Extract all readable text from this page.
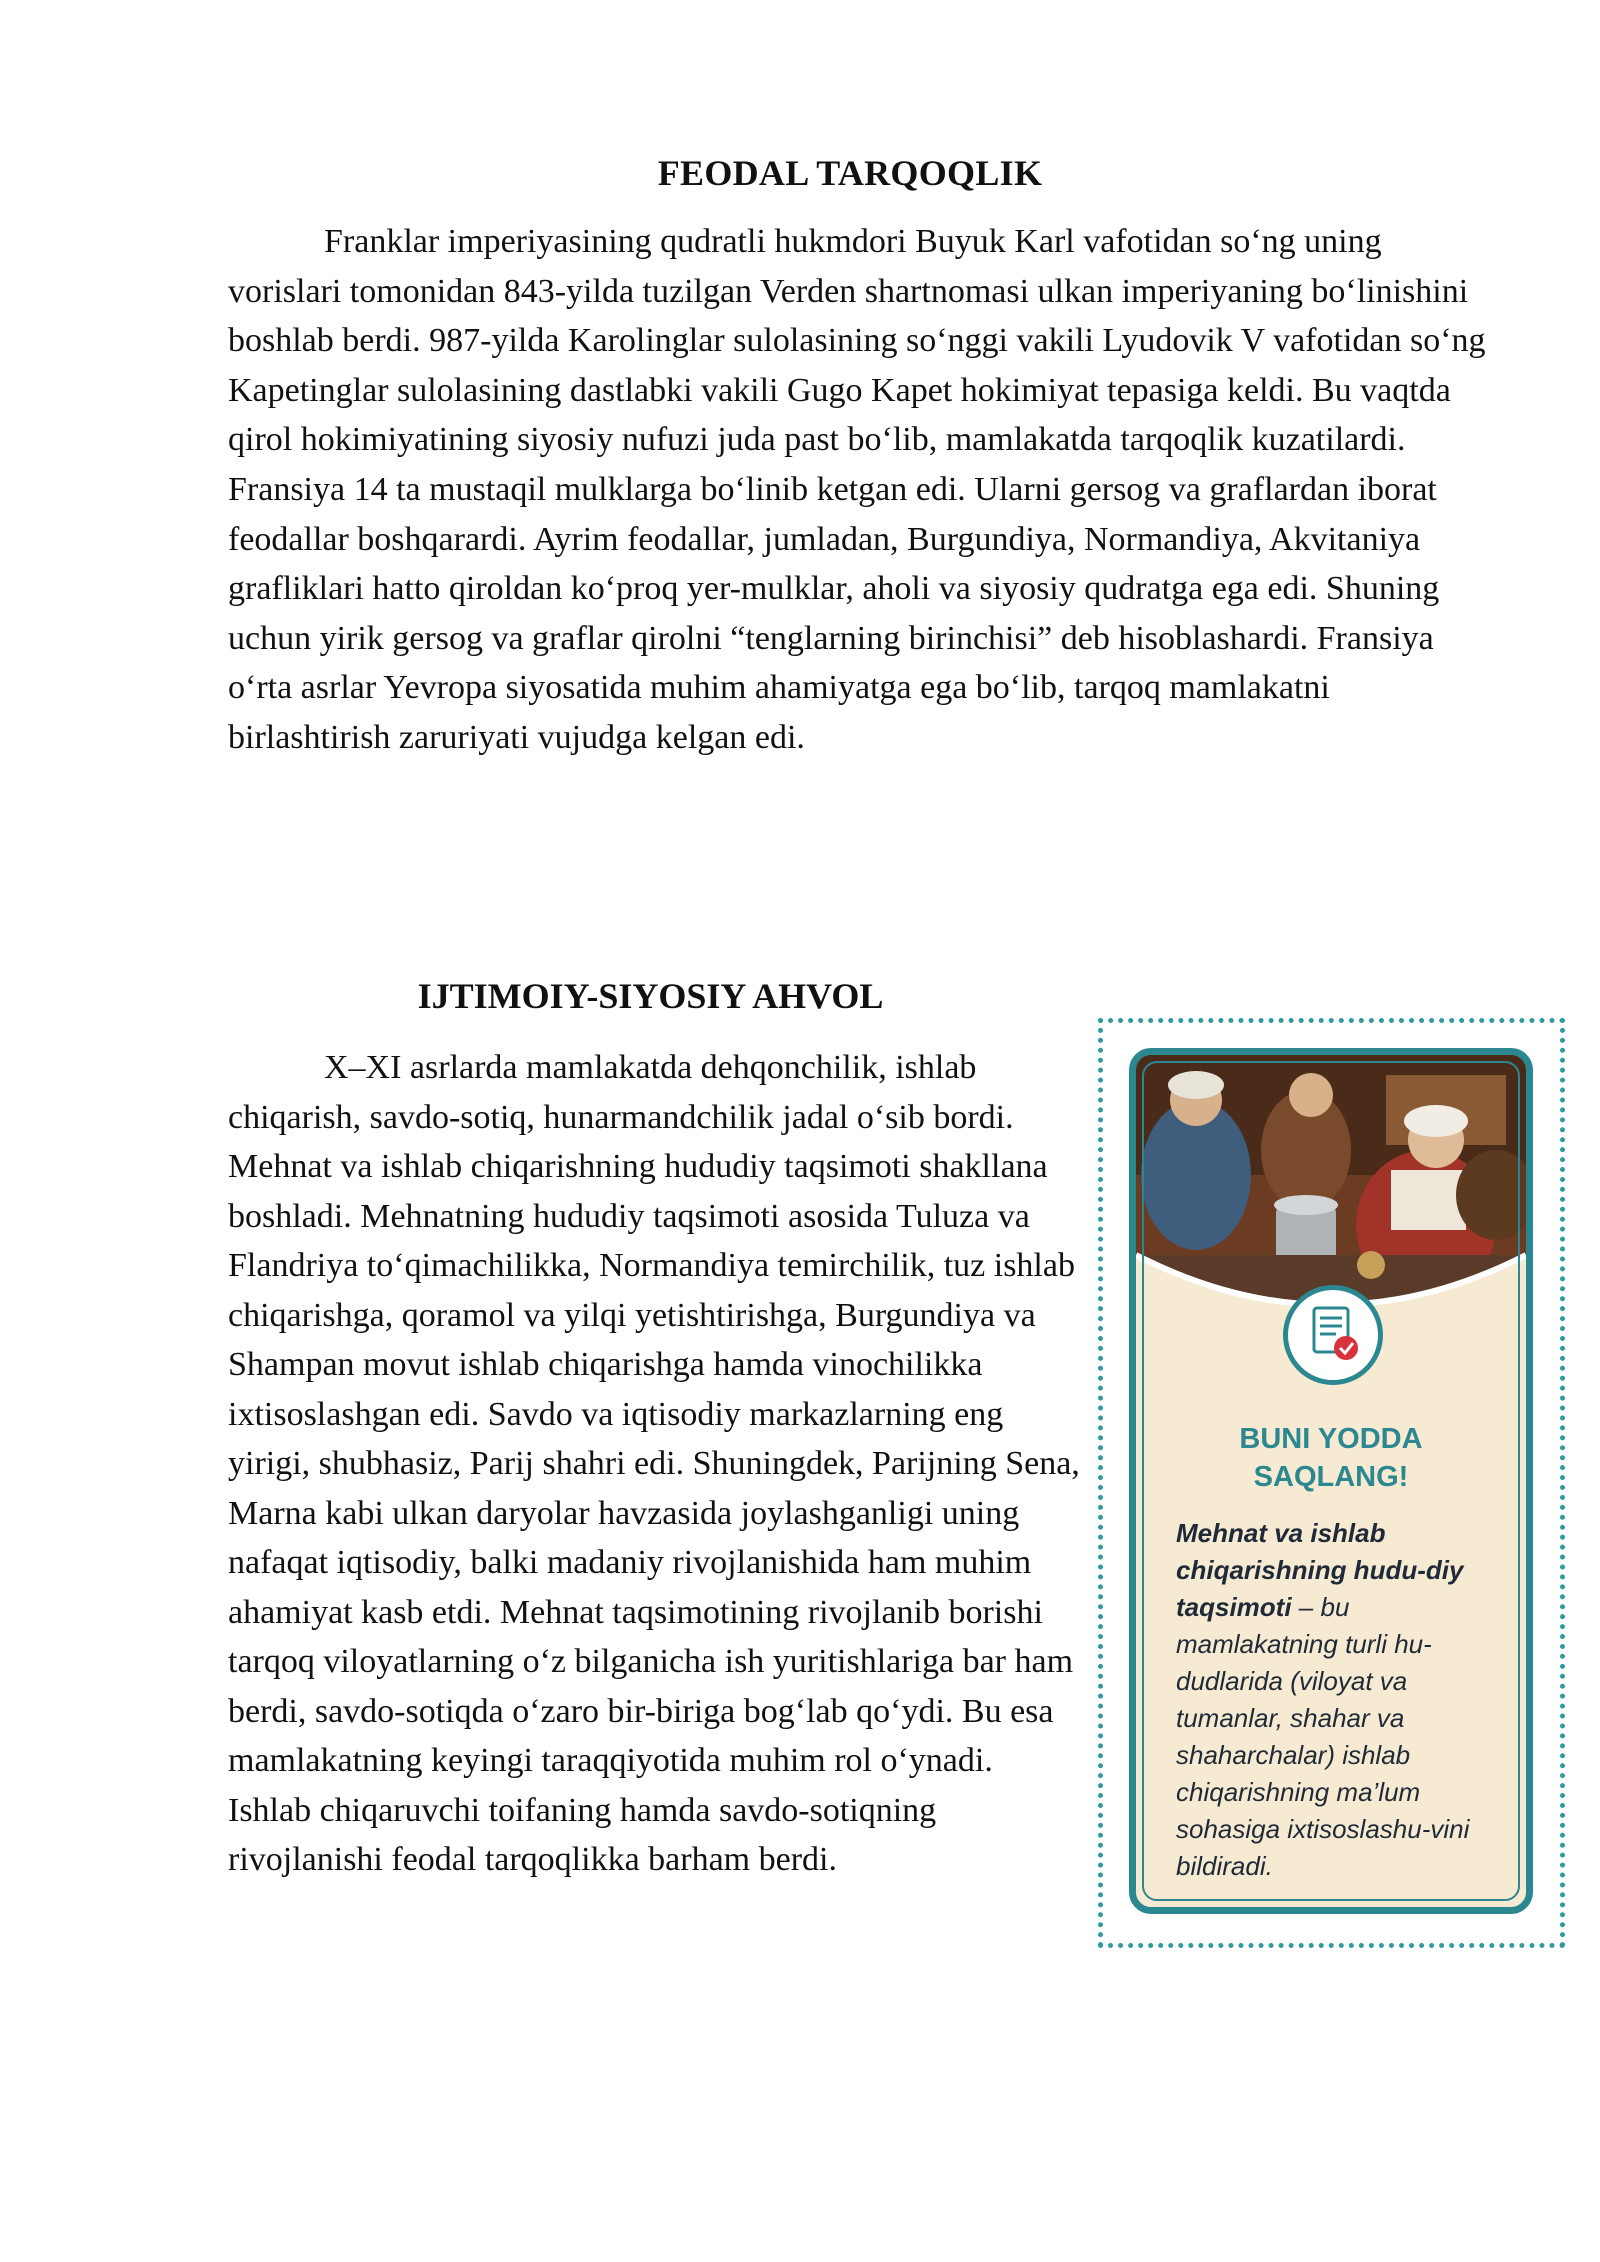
FEODAL TARQOQLIK

Franklar imperiyasining qudratli hukmdori Buyuk Karl vafotidan so‘ng uning vorislari tomonidan 843-yilda tuzilgan Verden shartnomasi ulkan imperiyaning bo‘linishini boshlab berdi. 987-yilda Karolinglar sulolasining so‘nggi vakili Lyudovik V vafotidan so‘ng Kapetinglar sulolasining dastlabki vakili Gugo Kapet hokimiyat tepasiga keldi. Bu vaqtda qirol hokimiyatining siyosiy nufuzi juda past bo‘lib, mamlakatda tarqoqlik kuzatilardi. Fransiya 14 ta mustaqil mulklarga bo‘linib ketgan edi. Ularni gersog va graflardan iborat feodallar boshqarardi. Ayrim feodallar, jumladan, Burgundiya, Normandiya, Akvitaniya grafliklari hatto qiroldan ko‘proq yer-mulklar, aholi va siyosiy qudratga ega edi. Shuning uchun yirik gersog va graflar qirolni “tenglarning birinchisi” deb hisoblashardi. Fransiya o‘rta asrlar Yevropa siyosatida muhim ahamiyatga ega bo‘lib, tarqoq mamlakatni birlashtirish zaruriyati vujudga kelgan edi.

IJTIMOIY-SIYOSIY AHVOL

X–XI asrlarda mamlakatda dehqonchilik, ishlab chiqarish, savdo-sotiq, hunarmandchilik jadal o‘sib bordi. Mehnat va ishlab chiqarishning hududiy taqsimoti shakllana boshladi. Mehnatning hududiy taqsimoti asosida Tuluza va Flandriya to‘qimachilikka, Normandiya temirchilik, tuz ishlab chiqarishga, qoramol va yilqi yetishtirishga, Burgundiya va Shampan movut ishlab chiqarishga hamda vinochilikka ixtisoslashgan edi. Savdo va iqtisodiy markazlarning eng yirigi, shubhasiz, Parij shahri edi. Shuningdek, Parijning Sena, Marna kabi ulkan daryolar havzasida joylashganligi uning nafaqat iqtisodiy, balki madaniy rivojlanishida ham muhim ahamiyat kasb etdi. Mehnat taqsimotining rivojlanib borishi tarqoq viloyatlarning o‘z bilganicha ish yuritishlariga bar ham berdi, savdo-sotiqda o‘zaro bir-biriga bog‘lab qo‘ydi. Bu esa mamlakatning keyingi taraqqiyotida muhim rol o‘ynadi. Ishlab chiqaruvchi toifaning hamda savdo-sotiqning rivojlanishi feodal tarqoqlikka barham berdi.

BUNI YODDA
SAQLANG!

Mehnat va ishlab chiqarishning hudu-diy taqsimoti – bu mamlakatning turli hu-dudlarida (viloyat va tumanlar, shahar va shaharchalar) ishlab chiqarishning ma’lum sohasiga ixtisoslashu-vini bildiradi.
